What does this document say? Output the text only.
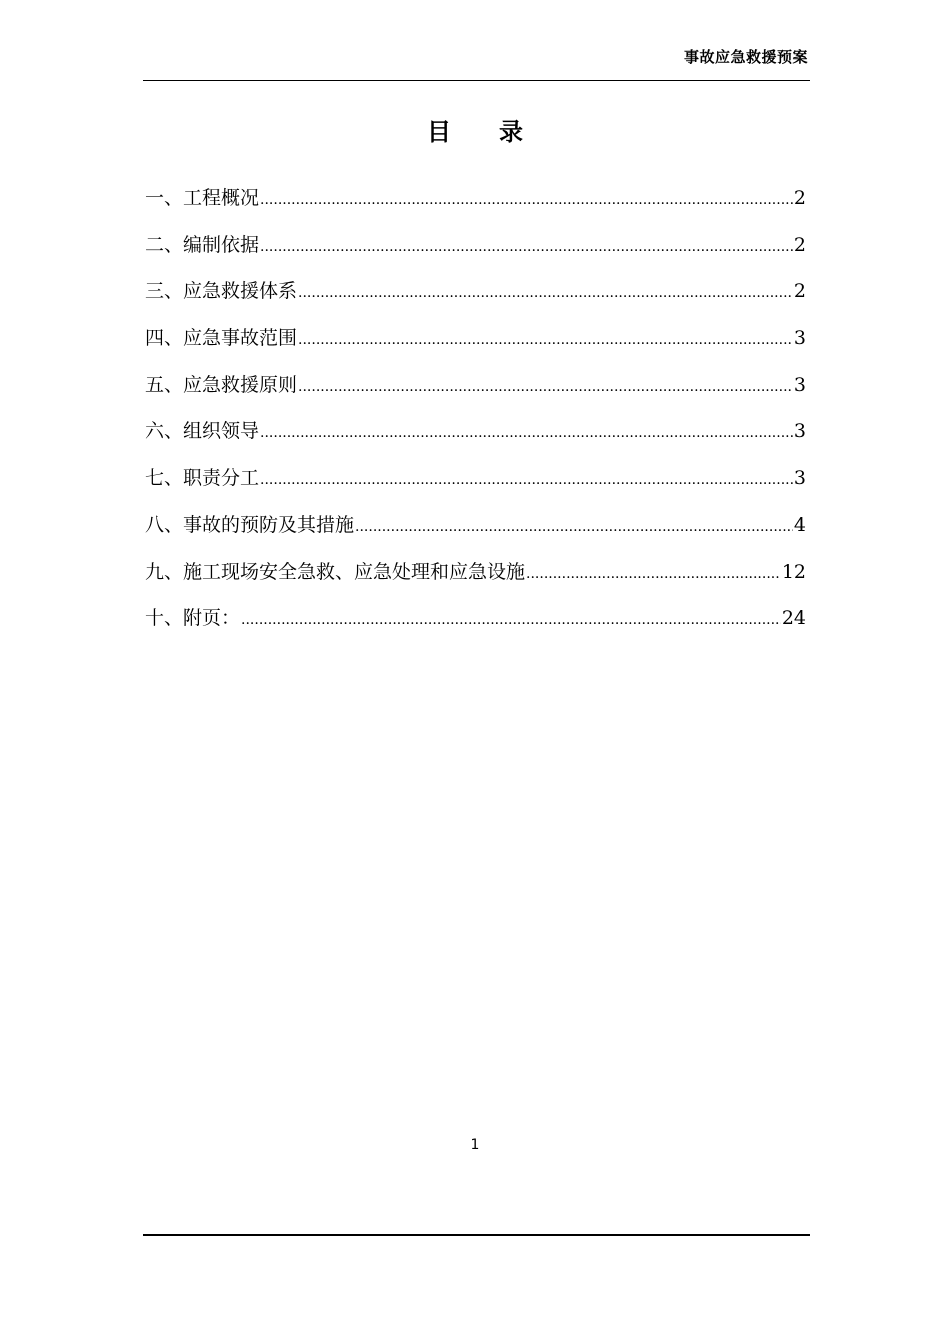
事故应急救援预案
目　　录
一、工程概况 .....	2
二、编制依据 .....	2
三、应急救援体系 .....	2
四、应急事故范围 .....	3
五、应急救援原则 .....	3
六、组织领导 .....	3
七、职责分工 .....	3
八、事故的预防及其措施 .....	4
九、施工现场安全急救、应急处理和应急设施 .....	12
十、附页： .....	24
1
